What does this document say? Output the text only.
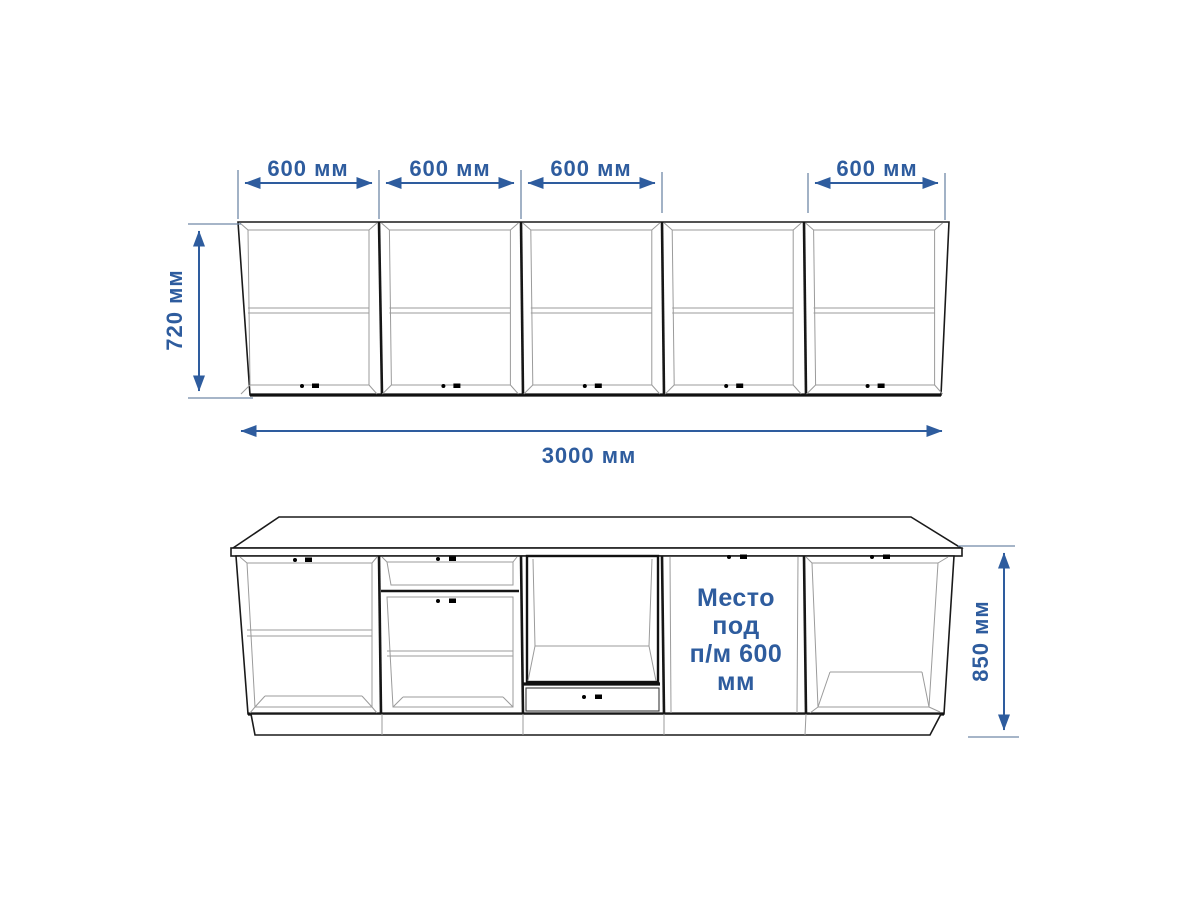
600 мм	600 мм	600 мм	600 мм
720 мм
3000 мм
Место
под
п/м 600
мм
850 мм
